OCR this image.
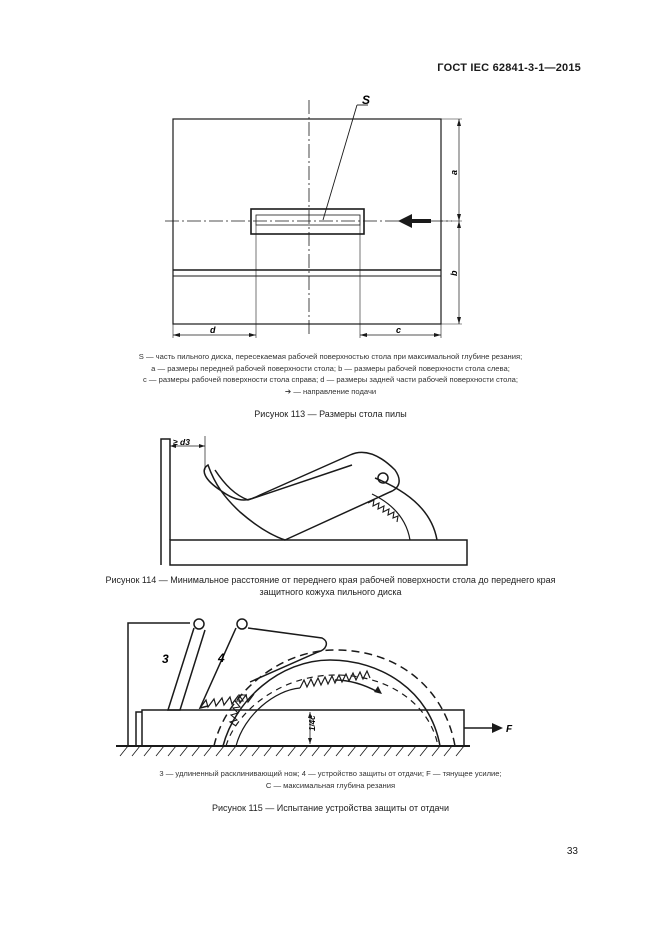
ГОСТ IEC 62841-3-1—2015
S
a
b
d	c
S — часть пильного диска, пересекаемая рабочей поверхностью стола при максимальной глубине резания;
a — размеры передней рабочей поверхности стола; b — размеры рабочей поверхности стола слева;
c — размеры рабочей поверхности стола справа; d — размеры задней части рабочей поверхности стола;
➔ — направление подачи
Рисунок 113 — Размеры стола пилы
≥ d3
Рисунок 114 — Минимальное расстояние от переднего края рабочей поверхности стола до переднего края
защитного кожуха пильного диска
3	4
1/4c	F
3 — удлиненный расклинивающий нож; 4 — устройство защиты от отдачи; F — тянущее усилие;
C — максимальная глубина резания
Рисунок 115 — Испытание устройства защиты от отдачи
33
